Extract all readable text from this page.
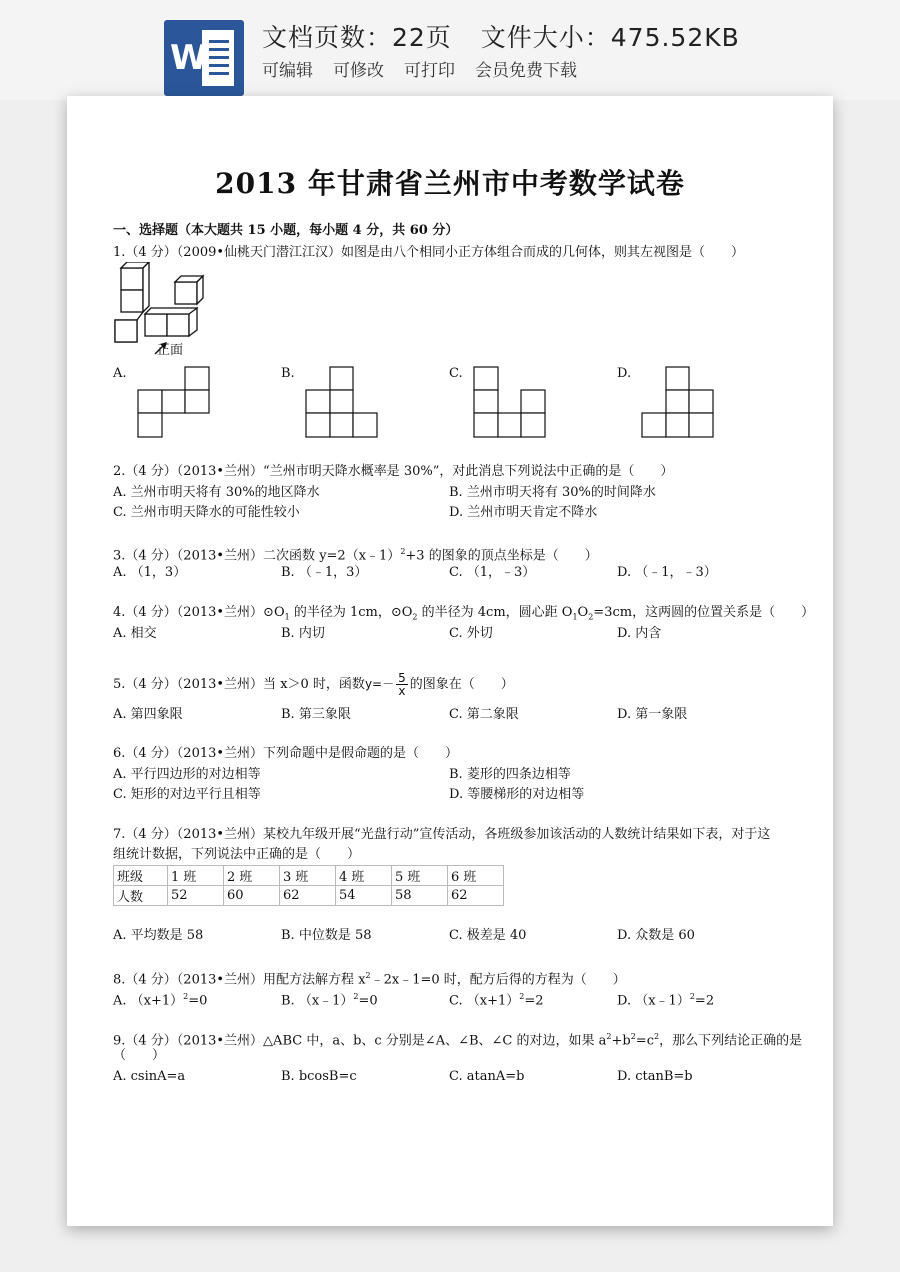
W
文档页数：22页 文件大小：475.52KB
可编辑 可修改 可打印 会员免费下载
2013 年甘肃省兰州市中考数学试卷
一、选择题（本大题共 15 小题，每小题 4 分，共 60 分）
1.（4 分）（2009•仙桃天门潜江江汉）如图是由八个相同小正方体组合而成的几何体，则其左视图是（　　）
正面
A.	B.	C.	D.
2.（4 分）（2013•兰州）“兰州市明天降水概率是 30%”，对此消息下列说法中正确的是（　　）
A. 兰州市明天将有 30%的地区降水	B. 兰州市明天将有 30%的时间降水
C. 兰州市明天降水的可能性较小	D. 兰州市明天肯定不降水
3.（4 分）（2013•兰州）二次函数 y=2（x﹣1）$^2$+3 的图象的顶点坐标是（　　）
A. （1，3）	B. （﹣1，3）	C. （1，﹣3）	D. （﹣1，﹣3）
4.（4 分）（2013•兰州）$⊙O_1$ 的半径为 1cm，$⊙O_2$ 的半径为 4cm，圆心距 $O_1O_2=3cm$，这两圆的位置关系是（　　）
A. 相交	B. 内切	C. 外切	D. 内含
5.（4 分）（2013•兰州）当 x＞0 时，函数$y=- \frac{5}{x}$ 的图象在（　　）
A. 第四象限	B. 第三象限	C. 第二象限	D. 第一象限
6.（4 分）（2013•兰州）下列命题中是假命题的是（　　）
A. 平行四边形的对边相等	B. 菱形的四条边相等
C. 矩形的对边平行且相等	D. 等腰梯形的对边相等
7.（4 分）（2013•兰州）某校九年级开展“光盘行动”宣传活动，各班级参加该活动的人数统计结果如下表，对于这
组统计数据，下列说法中正确的是（　　）
班级	1 班	2 班	3 班	4 班	5 班	6 班
人数	52	60	62	54	58	62
A. 平均数是 58	B. 中位数是 58	C. 极差是 40	D. 众数是 60
8.（4 分）（2013•兰州）用配方法解方程 $x^2﹣2x﹣1=0$ 时，配方后得的方程为（　　）
A. $(x+1)^2=0$	B. （x﹣1）$^2$=0	C. $(x+1)^2=2$	D. （x﹣1）$^2$=2
9.（4 分）（2013•兰州）△ABC 中，a、b、c 分别是∠A、∠B、∠C 的对边，如果 $a^2+b^2=c^2$，那么下列结论正确的是
（　　）
A. csinA=a	B. bcosB=c	C. atanA=b	D. ctanB=b
